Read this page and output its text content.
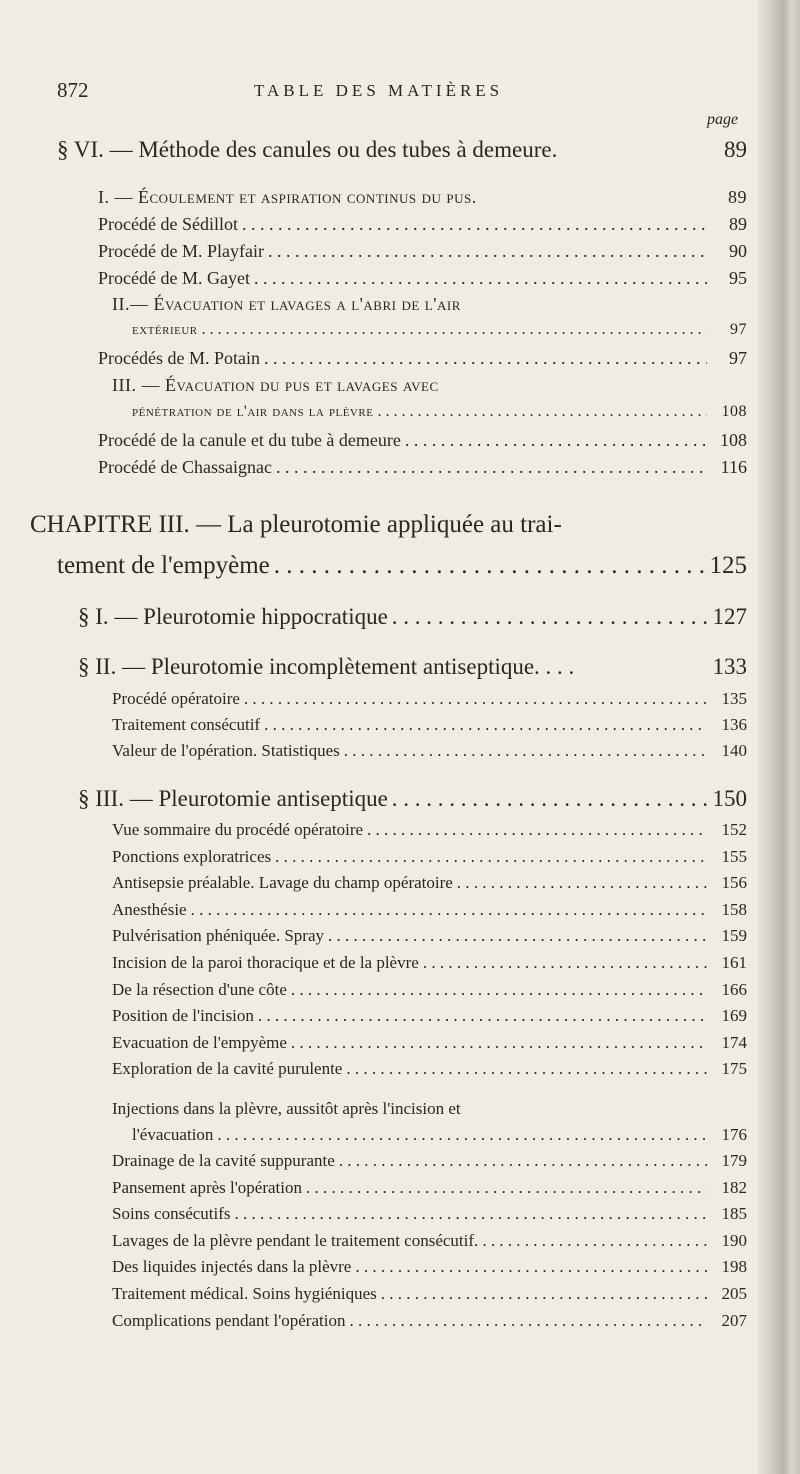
872	TABLE DES MATIÈRES
page
§ VI. — Méthode des canules ou des tubes à demeure.	89
I. — Écoulement et aspiration continus du pus.	89
Procédé de Sédillot . . .	89
Procédé de M. Playfair . . .	90
Procédé de M. Gayet . . .	95
II.— Évacuation et lavages a l'abri de l'air
extérieur . . .	97
Procédés de M. Potain . . .	97
III. — Évacuation du pus et lavages avec
pénétration de l'air dans la plèvre . . .	108
Procédé de la canule et du tube à demeure . . .	108
Procédé de Chassaignac . . .	116
CHAPITRE III. — La pleurotomie appliquée au trai-
tement de l'empyème . . .	125
§ I. — Pleurotomie hippocratique . . .	127
§ II. — Pleurotomie incomplètement antiseptique. . . .	133
Procédé opératoire . . .	135
Traitement consécutif . . .	136
Valeur de l'opération. Statistiques . . .	140
§ III. — Pleurotomie antiseptique . . .	150
Vue sommaire du procédé opératoire . . .	152
Ponctions exploratrices . . .	155
Antisepsie préalable. Lavage du champ opératoire . . .	156
Anesthésie . . .	158
Pulvérisation phéniquée. Spray . . .	159
Incision de la paroi thoracique et de la plèvre . . .	161
De la résection d'une côte . . .	166
Position de l'incision . . .	169
Evacuation de l'empyème . . .	174
Exploration de la cavité purulente . . .	175
Injections dans la plèvre, aussitôt après l'incision et
l'évacuation . . .	176
Drainage de la cavité suppurante . . .	179
Pansement après l'opération . . .	182
Soins consécutifs . . .	185
Lavages de la plèvre pendant le traitement consécutif. . . . . .	190
Des liquides injectés dans la plèvre . . .	198
Traitement médical. Soins hygiéniques . . .	205
Complications pendant l'opération . . .	207
